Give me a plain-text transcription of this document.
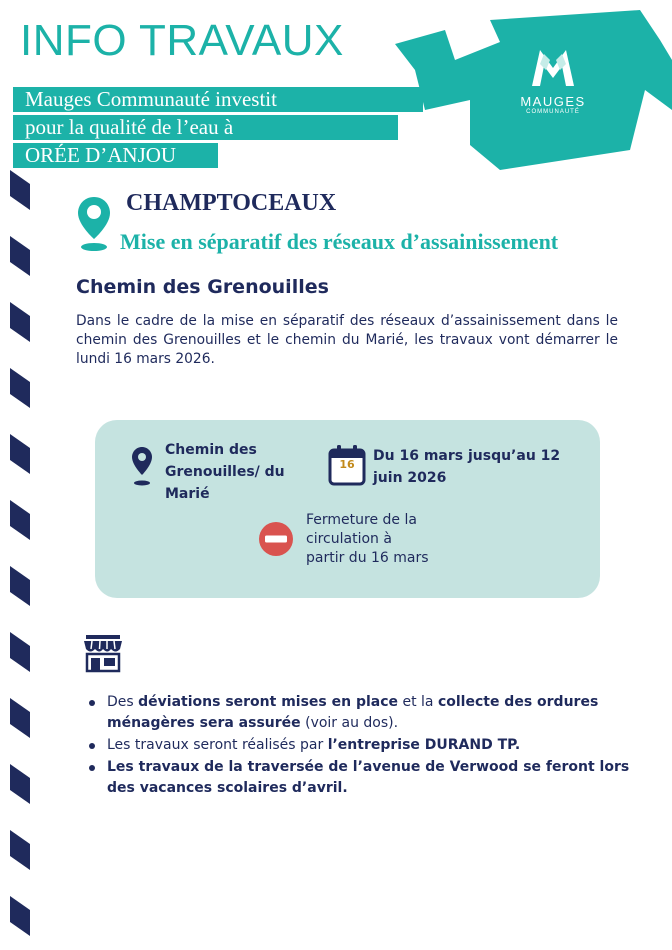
INFO TRAVAUX
MAUGES
COMMUNAUTÉ
Mauges Communauté investit
pour la qualité de l’eau à
ORÉE D’ANJOU
CHAMPTOCEAUX
Mise en séparatif des réseaux d’assainissement
Chemin des Grenouilles

Dans le cadre de la mise en séparatif des réseaux d’assainissement dans le chemin des Grenouilles et le chemin du Marié, les travaux vont démarrer le lundi 16 mars 2026.

Chemin des Grenouilles/ du Marié
16
Du 16 mars jusqu’au 12 juin 2026
Fermeture de la circulation à partir du 16 mars
Des déviations seront mises en place et la collecte des ordures
ménagères sera assurée (voir au dos).
Les travaux seront réalisés par l’entreprise DURAND TP.
Les travaux de la traversée de l’avenue de Verwood se feront lors des vacances scolaires d’avril.
